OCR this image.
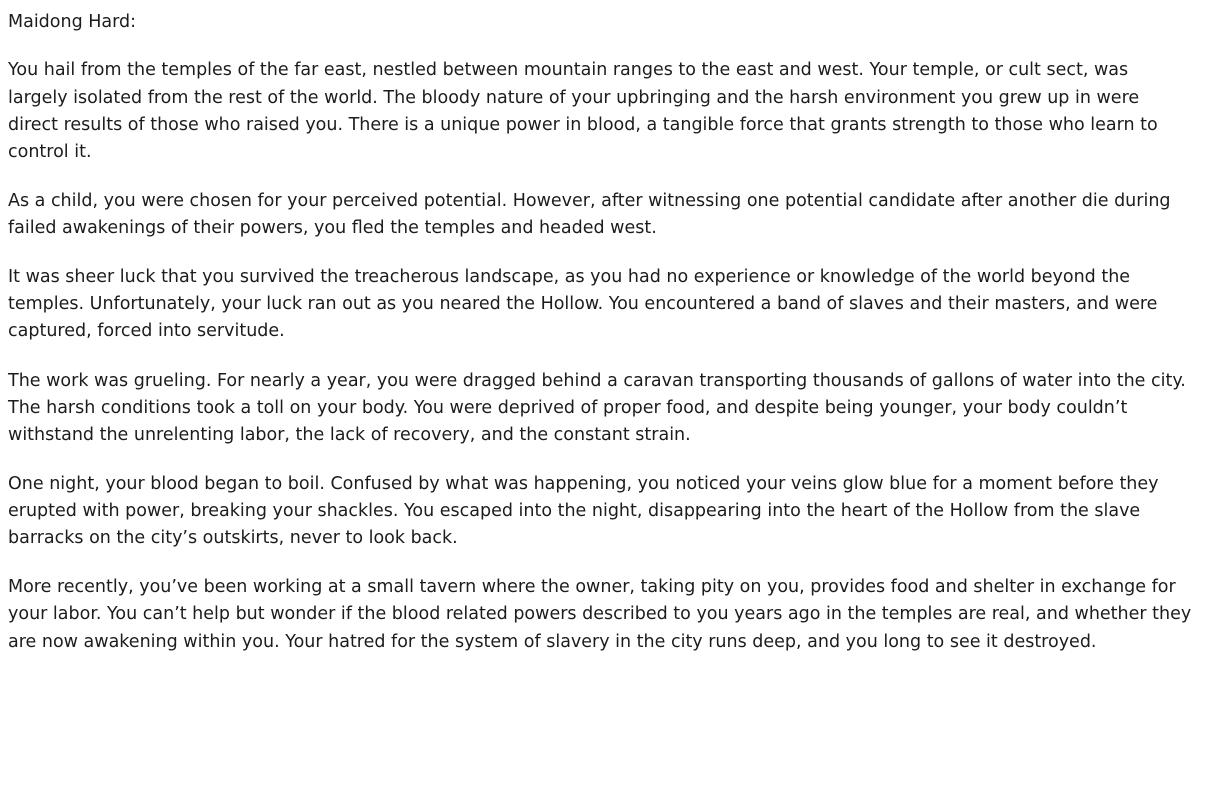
Maidong Hard:

You hail from the temples of the far east, nestled between mountain ranges to the east and west. Your temple, or cult sect, was largely isolated from the rest of the world. The bloody nature of your upbringing and the harsh environment you grew up in were direct results of those who raised you. There is a unique power in blood, a tangible force that grants strength to those who learn to control it.

As a child, you were chosen for your perceived potential. However, after witnessing one potential candidate after another die during failed awakenings of their powers, you fled the temples and headed west.

It was sheer luck that you survived the treacherous landscape, as you had no experience or knowledge of the world beyond the temples. Unfortunately, your luck ran out as you neared the Hollow. You encountered a band of slaves and their masters, and were captured, forced into servitude.

The work was grueling. For nearly a year, you were dragged behind a caravan transporting thousands of gallons of water into the city. The harsh conditions took a toll on your body. You were deprived of proper food, and despite being younger, your body couldn’t withstand the unrelenting labor, the lack of recovery, and the constant strain.

One night, your blood began to boil. Confused by what was happening, you noticed your veins glow blue for a moment before they erupted with power, breaking your shackles. You escaped into the night, disappearing into the heart of the Hollow from the slave barracks on the city’s outskirts, never to look back.

More recently, you’ve been working at a small tavern where the owner, taking pity on you, provides food and shelter in exchange for your labor. You can’t help but wonder if the blood related powers described to you years ago in the temples are real, and whether they are now awakening within you. Your hatred for the system of slavery in the city runs deep, and you long to see it destroyed.
